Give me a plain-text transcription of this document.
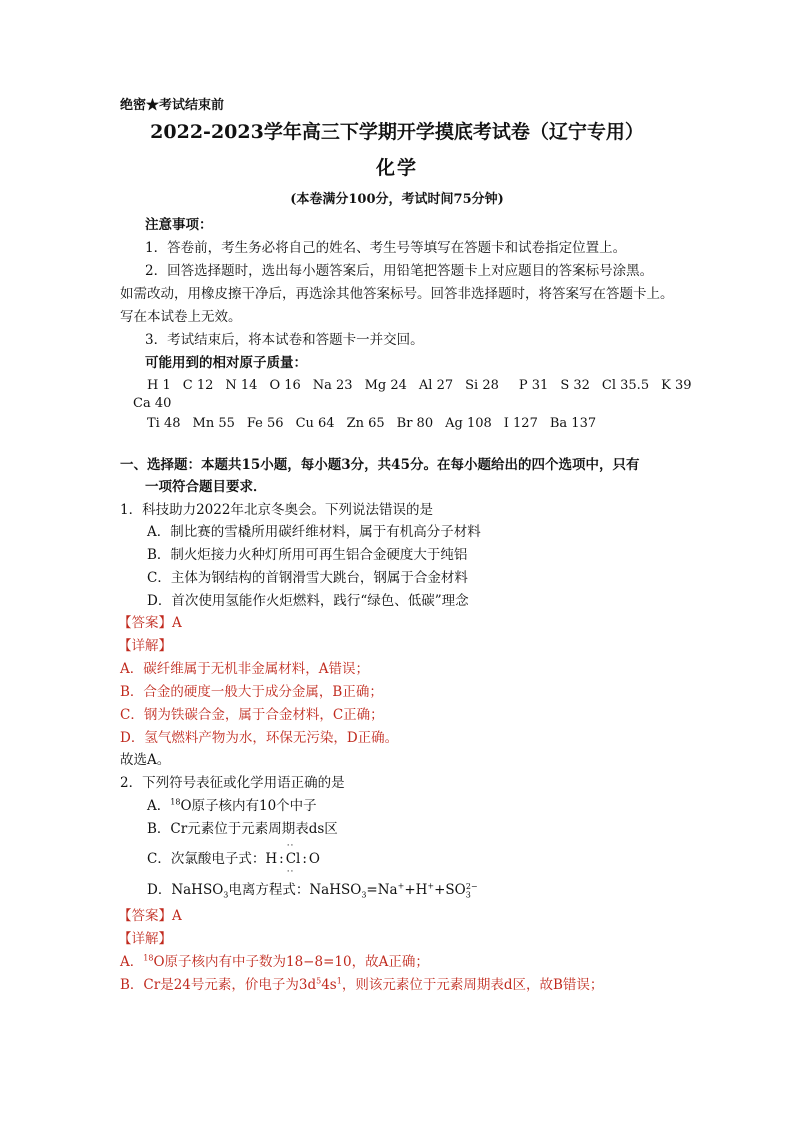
绝密★考试结束前
2022-2023学年高三下学期开学摸底考试卷（辽宁专用）
化学
(本卷满分100分，考试时间75分钟)
注意事项：
1．答卷前，考生务必将自己的姓名、考生号等填写在答题卡和试卷指定位置上。
2．回答选择题时，选出每小题答案后，用铅笔把答题卡上对应题目的答案标号涂黑。
如需改动，用橡皮擦干净后，再选涂其他答案标号。回答非选择题时，将答案写在答题卡上。
写在本试卷上无效。
3．考试结束后，将本试卷和答题卡一并交回。
可能用到的相对原子质量：
H 1 C 12 N 14 O 16 Na 23 Mg 24 Al 27 Si 28 P 31 S 32 Cl 35.5 K 39
Ca 40
Ti 48 Mn 55 Fe 56 Cu 64 Zn 65 Br 80 Ag 108 I 127 Ba 137
一、选择题：本题共15小题，每小题3分，共45分。在每小题给出的四个选项中，只有
一项符合题目要求．
1．科技助力2022年北京冬奥会。下列说法错误的是
A．制比赛的雪橇所用碳纤维材料，属于有机高分子材料
B．制火炬接力火种灯所用可再生铝合金硬度大于纯铝
C．主体为钢结构的首钢滑雪大跳台，钢属于合金材料
D．首次使用氢能作火炬燃料，践行“绿色、低碳”理念
【答案】A
【详解】
A．碳纤维属于无机非金属材料，A错误；
B．合金的硬度一般大于成分金属，B正确；
C．钢为铁碳合金，属于合金材料，C正确；
D．氢气燃料产物为水，环保无污染，D正确。
故选A。
2．下列符号表征或化学用语正确的是
A．$^{18}$O原子核内有10个中子
B．Cr元素位于元素周期表ds区
C．次氯酸电子式：H :
··
Cl
··
: O
D．NaHSO$_3$电离方程式：$NaHSO_3=Na^++H^++SO_3^{2-}$
【答案】A
【详解】
A．$^{18}$O原子核内有中子数为18−8=10，故A正确；
B．Cr是24号元素，价电子为$3d^54s^1$，则该元素位于元素周期表d区，故B错误；
